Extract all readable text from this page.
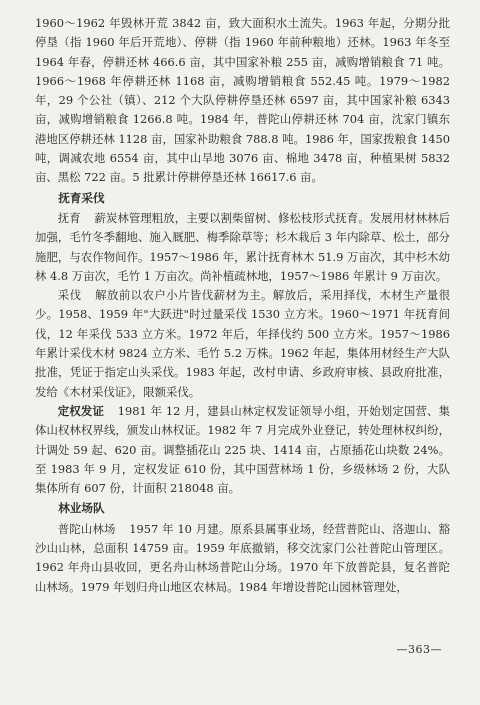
1960～1962 年毁林开荒 3842 亩，致大面积水土流失。1963 年起，分期分批停垦（指 1960 年后开荒地）、停耕（指 1960 年前种粮地）还林。1963 年冬至 1964 年春，停耕还林 466.6 亩，其中国家补粮 255 亩，减购增销粮食 71 吨。1966～1968 年停耕还林 1168 亩，减购增销粮食 552.45 吨。1979～1982 年，29 个公社（镇）、212 个大队停耕停垦还林 6597 亩，其中国家补粮 6343 亩，减购增销粮食 1266.8 吨。1984 年，普陀山停耕还林 704 亩，沈家门镇东港地区停耕还林 1128 亩，国家补助粮食 788.8 吨。1986 年，国家拨粮食 1450 吨，调减农地 6554 亩，其中山旱地 3076 亩、棉地 3478 亩，种植果树 5832 亩、黑松 722 亩。5 批累计停耕停垦还林 16617.6 亩。

抚育采伐

抚育 薪炭林管理粗放，主要以割柴留树、修松枝形式抚育。发展用材林林后加强，毛竹冬季翻地、施入厩肥、梅季除草等；杉木栽后 3 年内除草、松土，部分施肥，与农作物间作。1957～1986 年，累计抚育林木 51.9 万亩次，其中杉木幼林 4.8 万亩次，毛竹 1 万亩次。尚补植疏林地，1957～1986 年累计 9 万亩次。

采伐 解放前以农户小片皆伐薪材为主。解放后，采用择伐，木材生产量很少。1958、1959 年"大跃进"时过量采伐 1530 立方米。1960～1971 年抚育间伐，12 年采伐 533 立方米。1972 年后，年择伐约 500 立方米。1957～1986 年累计采伐木材 9824 立方米、毛竹 5.2 万株。1962 年起，集体用材经生产大队批准，凭证于指定山头采伐。1983 年起，改村申请、乡政府审核、县政府批准，发给《木材采伐证》，限额采伐。

定权发证 1981 年 12 月，建县山林定权发证领导小组，开始划定国营、集体山权林权界线，颁发山林权证。1982 年 7 月完成外业登记，转处理林权纠纷，计调处 59 起、620 亩。调整插花山 225 块、1414 亩，占原插花山块数 24%。至 1983 年 9 月，定权发证 610 份，其中国营林场 1 份，乡级林场 2 份，大队集体所有 607 份，计面积 218048 亩。

林业场队

普陀山林场 1957 年 10 月建。原系县属事业场，经营普陀山、洛迦山、豁沙山山林，总面积 14759 亩。1959 年底撤销，移交沈家门公社普陀山管理区。1962 年舟山县收回，更名舟山林场普陀山分场。1970 年下放普陀县，复名普陀山林场。1979 年划归舟山地区农林局。1984 年增设普陀山园林管理处，

—363—
